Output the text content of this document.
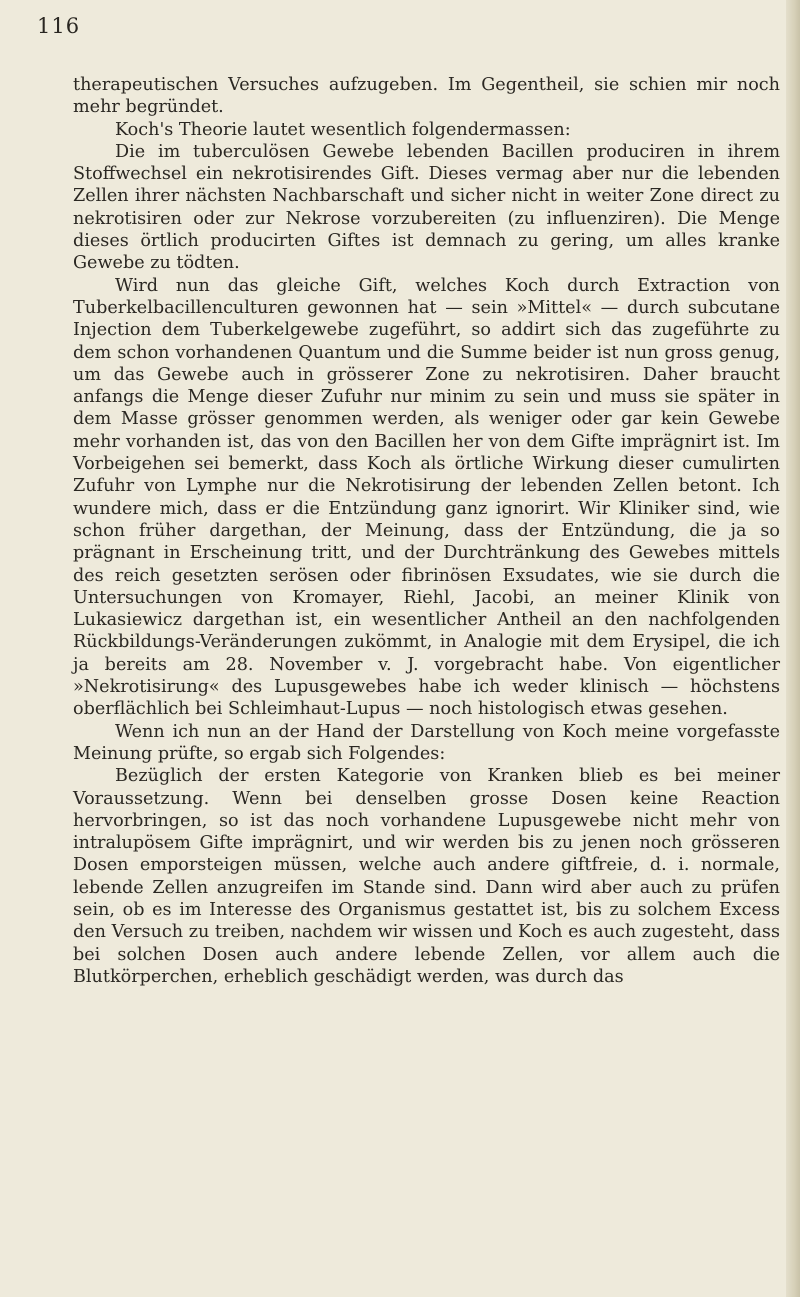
116

therapeutischen Versuches aufzugeben. Im Gegentheil, sie schien mir noch mehr begründet.

Koch's Theorie lautet wesentlich folgendermassen:

Die im tuberculösen Gewebe lebenden Bacillen produciren in ihrem Stoffwechsel ein nekrotisirendes Gift. Dieses vermag aber nur die lebenden Zellen ihrer nächsten Nachbarschaft und sicher nicht in weiter Zone direct zu nekrotisiren oder zur Nekrose vorzubereiten (zu influenziren). Die Menge dieses örtlich producirten Giftes ist demnach zu gering, um alles kranke Gewebe zu tödten.

Wird nun das gleiche Gift, welches Koch durch Extraction von Tuberkelbacillenculturen gewonnen hat — sein »Mittel« — durch subcutane Injection dem Tuberkelgewebe zugeführt, so addirt sich das zugeführte zu dem schon vorhandenen Quantum und die Summe beider ist nun gross genug, um das Gewebe auch in grösserer Zone zu nekrotisiren. Daher braucht anfangs die Menge dieser Zufuhr nur minim zu sein und muss sie später in dem Masse grösser genommen werden, als weniger oder gar kein Gewebe mehr vorhanden ist, das von den Bacillen her von dem Gifte imprägnirt ist. Im Vorbeigehen sei bemerkt, dass Koch als örtliche Wirkung dieser cumulirten Zufuhr von Lymphe nur die Nekrotisirung der lebenden Zellen betont. Ich wundere mich, dass er die Entzündung ganz ignorirt. Wir Kliniker sind, wie schon früher dargethan, der Meinung, dass der Entzündung, die ja so prägnant in Erscheinung tritt, und der Durchtränkung des Gewebes mittels des reich gesetzten serösen oder fibrinösen Exsudates, wie sie durch die Untersuchungen von Kromayer, Riehl, Jacobi, an meiner Klinik von Lukasiewicz dargethan ist, ein wesentlicher Antheil an den nachfolgenden Rückbildungs-Veränderungen zukömmt, in Analogie mit dem Erysipel, die ich ja bereits am 28. November v. J. vorgebracht habe. Von eigentlicher »Nekrotisirung« des Lupusgewebes habe ich weder klinisch — höchstens oberflächlich bei Schleimhaut-Lupus — noch histologisch etwas gesehen.

Wenn ich nun an der Hand der Darstellung von Koch meine vorgefasste Meinung prüfte, so ergab sich Folgendes:

Bezüglich der ersten Kategorie von Kranken blieb es bei meiner Voraussetzung. Wenn bei denselben grosse Dosen keine Reaction hervorbringen, so ist das noch vorhandene Lupusgewebe nicht mehr von intralupösem Gifte imprägnirt, und wir werden bis zu jenen noch grösseren Dosen emporsteigen müssen, welche auch andere giftfreie, d. i. normale, lebende Zellen anzugreifen im Stande sind. Dann wird aber auch zu prüfen sein, ob es im Interesse des Organismus gestattet ist, bis zu solchem Excess den Versuch zu treiben, nachdem wir wissen und Koch es auch zugesteht, dass bei solchen Dosen auch andere lebende Zellen, vor allem auch die Blutkörperchen, erheblich geschädigt werden, was durch das
